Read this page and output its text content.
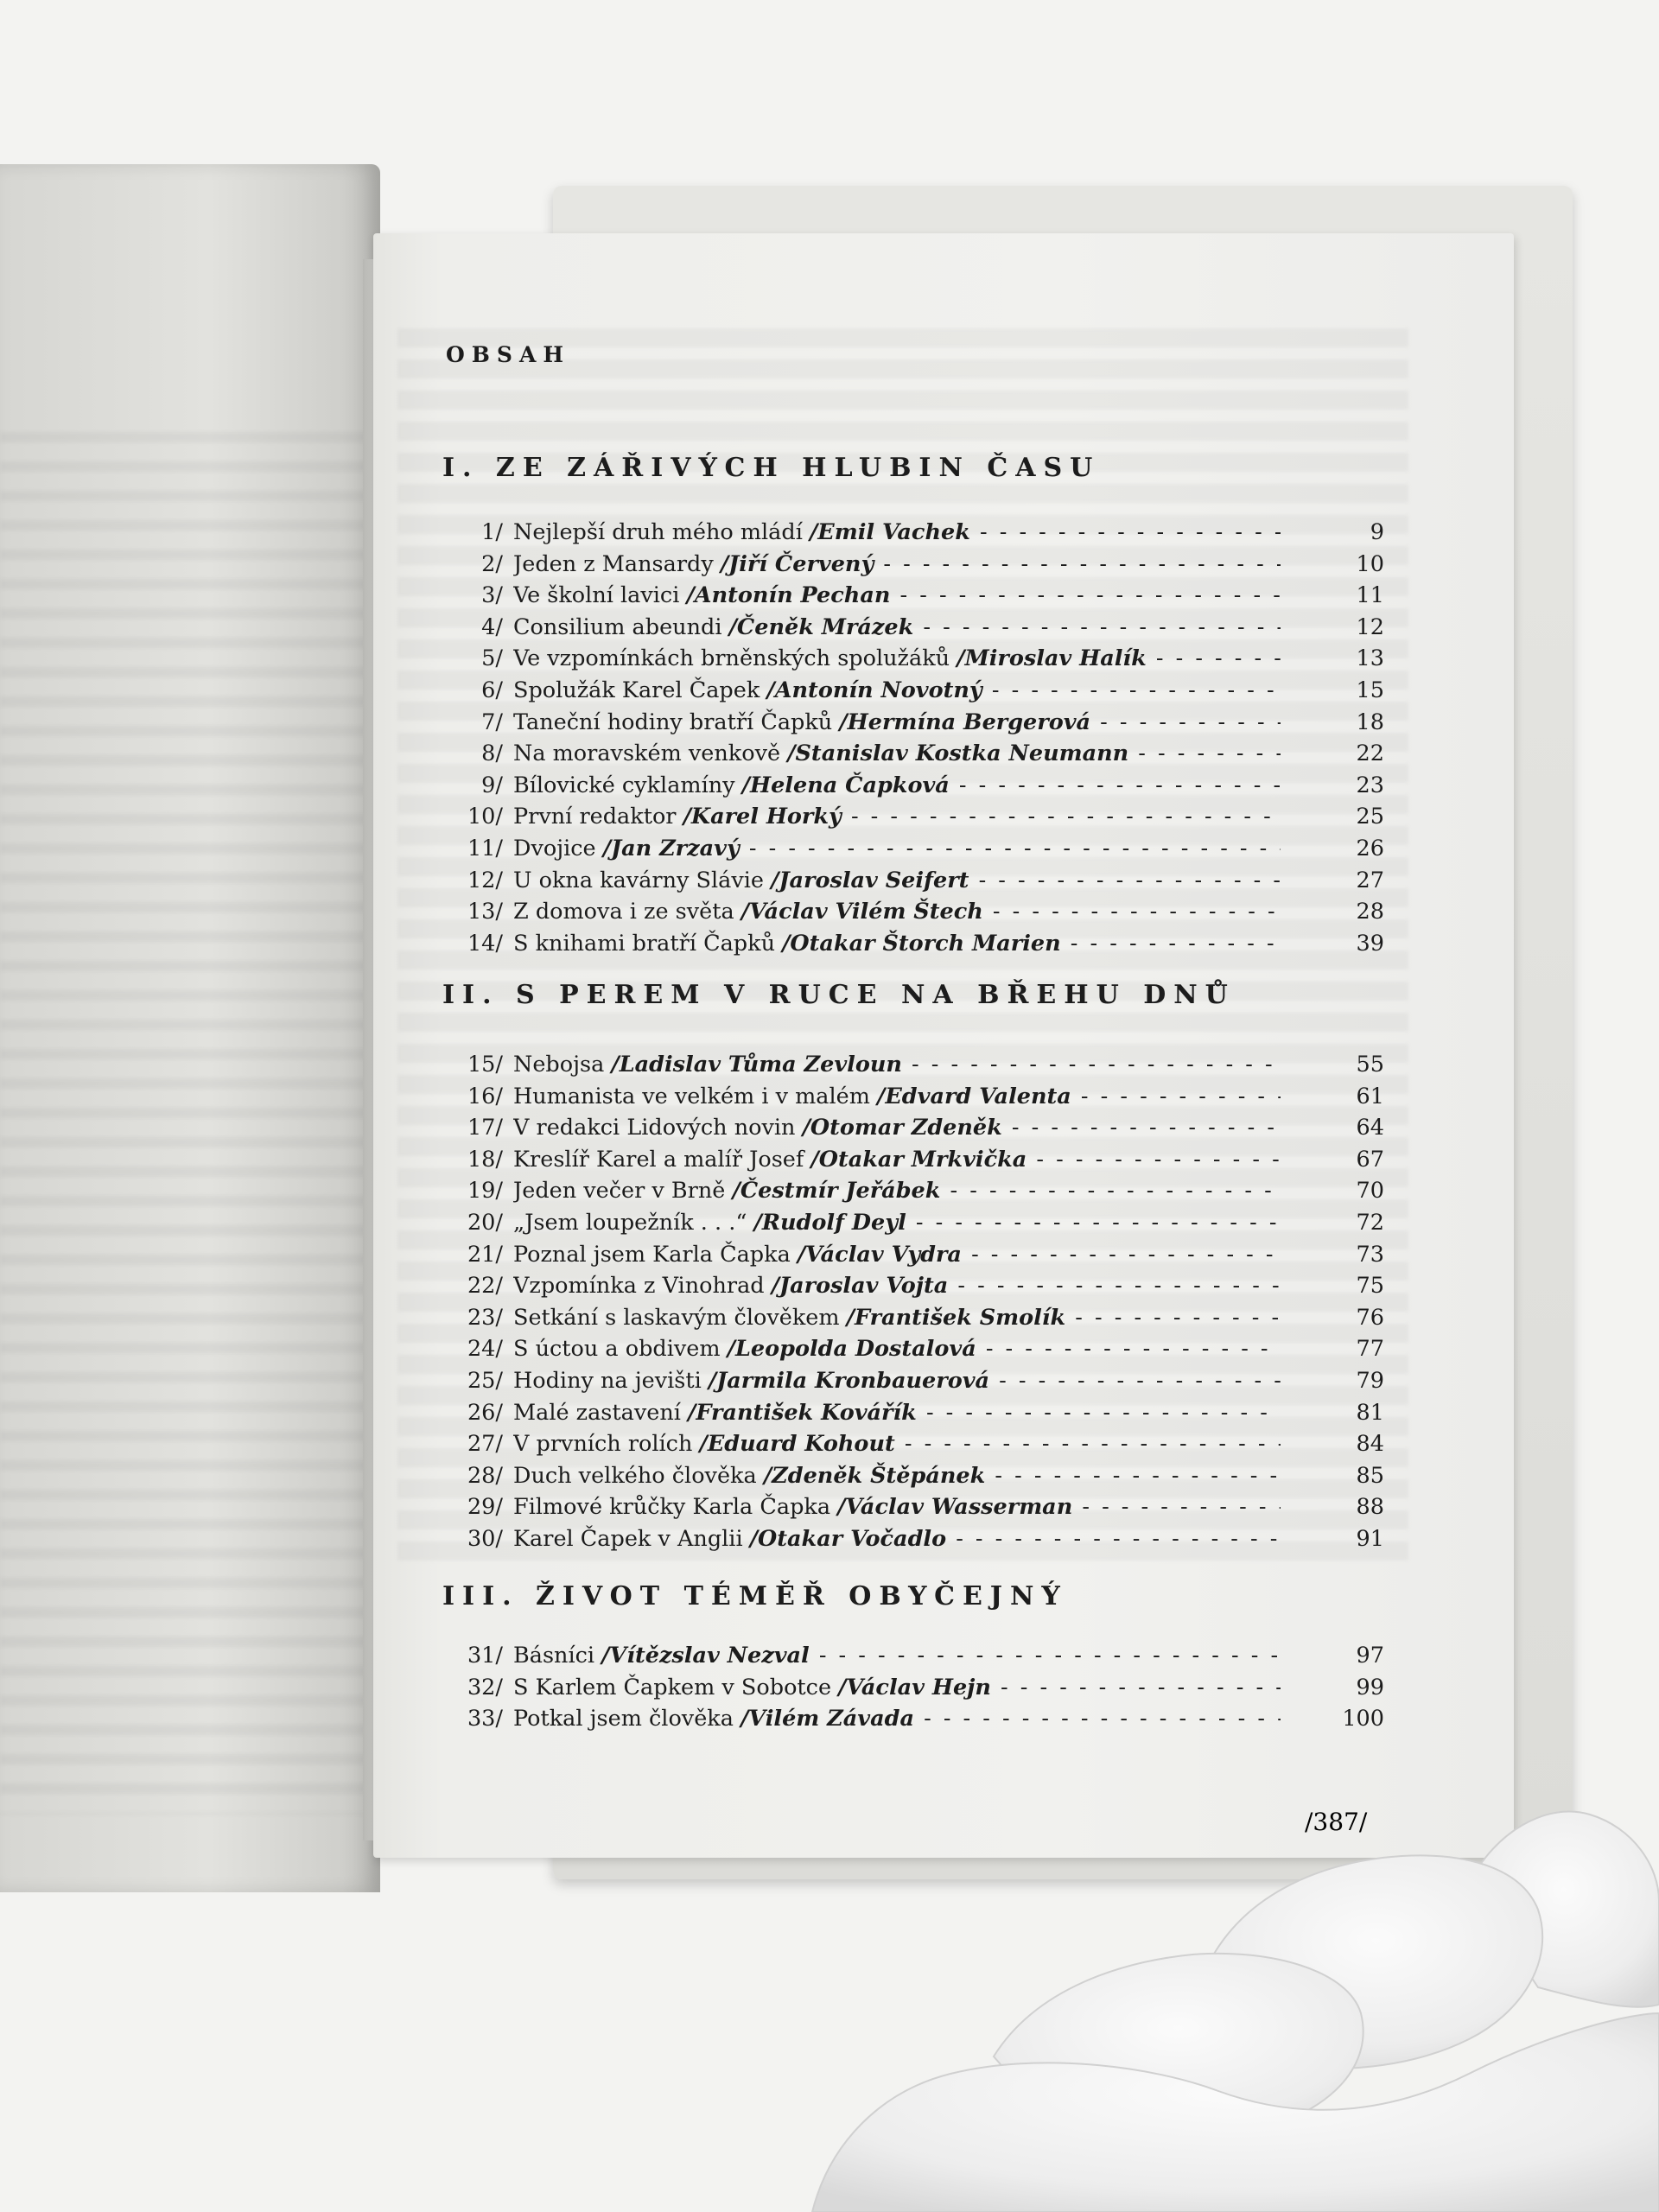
OBSAH
I. ZE ZÁŘIVÝCH HLUBIN ČASU
1/ Nejlepší druh mého mládí /Emil Vachek - - -	9
2/ Jeden z Mansardy /Jiří Červený - - -	10
3/ Ve školní lavici /Antonín Pechan - - -	11
4/ Consilium abeundi /Čeněk Mrázek - - -	12
5/ Ve vzpomínkách brněnských spolužáků /Miroslav Halík - - -	13
6/ Spolužák Karel Čapek /Antonín Novotný - - -	15
7/ Taneční hodiny bratří Čapků /Hermína Bergerová - - -	18
8/ Na moravském venkově /Stanislav Kostka Neumann - - -	22
9/ Bílovické cyklamíny /Helena Čapková - - -	23
10/ První redaktor /Karel Horký - - -	25
11/ Dvojice /Jan Zrzavý - - -	26
12/ U okna kavárny Slávie /Jaroslav Seifert - - -	27
13/ Z domova i ze světa /Václav Vilém Štech - - -	28
14/ S knihami bratří Čapků /Otakar Štorch Marien - - -	39
II. S PEREM V RUCE NA BŘEHU DNŮ
15/ Nebojsa /Ladislav Tůma Zevloun - - -	55
16/ Humanista ve velkém i v malém /Edvard Valenta - - -	61
17/ V redakci Lidových novin /Otomar Zdeněk - - -	64
18/ Kreslíř Karel a malíř Josef /Otakar Mrkvička - - -	67
19/ Jeden večer v Brně /Čestmír Jeřábek - - -	70
20/ „Jsem loupežník . . .“ /Rudolf Deyl - - -	72
21/ Poznal jsem Karla Čapka /Václav Vydra - - -	73
22/ Vzpomínka z Vinohrad /Jaroslav Vojta - - -	75
23/ Setkání s laskavým člověkem /František Smolík - - -	76
24/ S úctou a obdivem /Leopolda Dostalová - - -	77
25/ Hodiny na jevišti /Jarmila Kronbauerová - - -	79
26/ Malé zastavení /František Kovářík - - -	81
27/ V prvních rolích /Eduard Kohout - - -	84
28/ Duch velkého člověka /Zdeněk Štěpánek - - -	85
29/ Filmové krůčky Karla Čapka /Václav Wasserman - - -	88
30/ Karel Čapek v Anglii /Otakar Vočadlo - - -	91
III. ŽIVOT TÉMĚŘ OBYČEJNÝ
31/ Básníci /Vítězslav Nezval - - -	97
32/ S Karlem Čapkem v Sobotce /Václav Hejn - - -	99
33/ Potkal jsem člověka /Vilém Závada - - -	100
/387/
